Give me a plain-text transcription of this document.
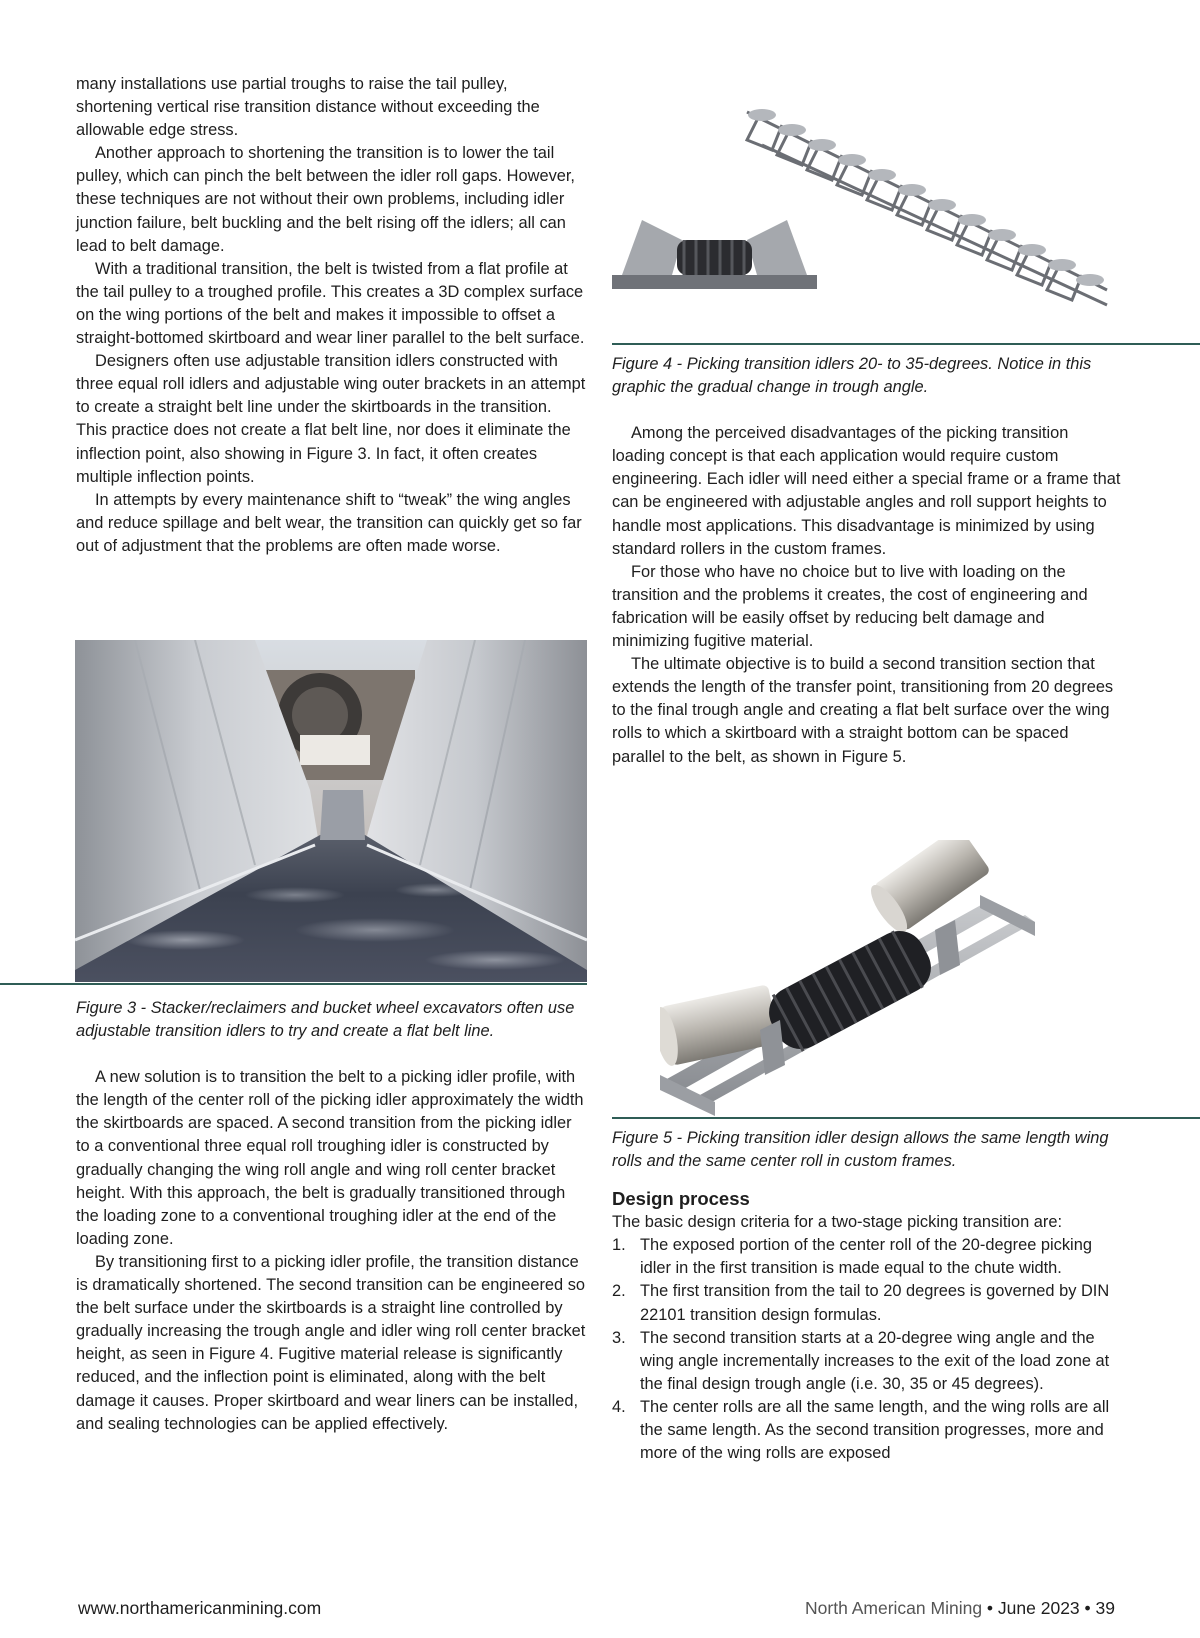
many installations use partial troughs to raise the tail pulley, shortening vertical rise transition distance without exceeding the allowable edge stress.

Another approach to shortening the transition is to lower the tail pulley, which can pinch the belt between the idler roll gaps. However, these techniques are not without their own problems, including idler junction failure, belt buckling and the belt rising off the idlers; all can lead to belt damage.

With a traditional transition, the belt is twisted from a flat profile at the tail pulley to a troughed profile. This creates a 3D complex surface on the wing portions of the belt and makes it impossible to offset a straight-bottomed skirtboard and wear liner parallel to the belt surface.

Designers often use adjustable transition idlers constructed with three equal roll idlers and adjustable wing outer brackets in an attempt to create a straight belt line under the skirtboards in the transition. This practice does not create a flat belt line, nor does it eliminate the inflection point, also showing in Figure 3. In fact, it often creates multiple inflection points.

In attempts by every maintenance shift to “tweak” the wing angles and reduce spillage and belt wear, the transition can quickly get so far out of adjustment that the problems are often made worse.

Figure 3 - Stacker/reclaimers and bucket wheel excavators often use adjustable transition idlers to try and create a flat belt line.

A new solution is to transition the belt to a picking idler profile, with the length of the center roll of the picking idler approximately the width the skirtboards are spaced. A second transition from the picking idler to a conventional three equal roll troughing idler is constructed by gradually changing the wing roll angle and wing roll center bracket height. With this approach, the belt is gradually transitioned through the loading zone to a conventional troughing idler at the end of the loading zone.

By transitioning first to a picking idler profile, the transition distance is dramatically shortened. The second transition can be engineered so the belt surface under the skirtboards is a straight line controlled by gradually increasing the trough angle and idler wing roll center bracket height, as seen in Figure 4. Fugitive material release is significantly reduced, and the inflection point is eliminated, along with the belt damage it causes. Proper skirtboard and wear liners can be installed, and sealing technologies can be applied effectively.

Figure 4 - Picking transition idlers 20- to 35-degrees. Notice in this graphic the gradual change in trough angle.

Among the perceived disadvantages of the picking transition loading concept is that each application would require custom engineering. Each idler will need either a special frame or a frame that can be engineered with adjustable angles and roll support heights to handle most applications. This disadvantage is minimized by using standard rollers in the custom frames.

For those who have no choice but to live with loading on the transition and the problems it creates, the cost of engineering and fabrication will be easily offset by reducing belt damage and minimizing fugitive material.

The ultimate objective is to build a second transition section that extends the length of the transfer point, transitioning from 20 degrees to the final trough angle and creating a flat belt surface over the wing rolls to which a skirtboard with a straight bottom can be spaced parallel to the belt, as shown in Figure 5.

Figure 5 - Picking transition idler design allows the same length wing rolls and the same center roll in custom frames.

Design process

The basic design criteria for a two-stage picking transition are:

1. The exposed portion of the center roll of the 20-degree picking idler in the first transition is made equal to the chute width.
2. The first transition from the tail to 20 degrees is governed by DIN 22101 transition design formulas.
3. The second transition starts at a 20-degree wing angle and the wing angle incrementally increases to the exit of the load zone at the final design trough angle (i.e. 30, 35 or 45 degrees).
4. The center rolls are all the same length, and the wing rolls are all the same length. As the second transition progresses, more and more of the wing rolls are exposed
www.northamericanmining.com	North American Mining • June 2023 • 39
